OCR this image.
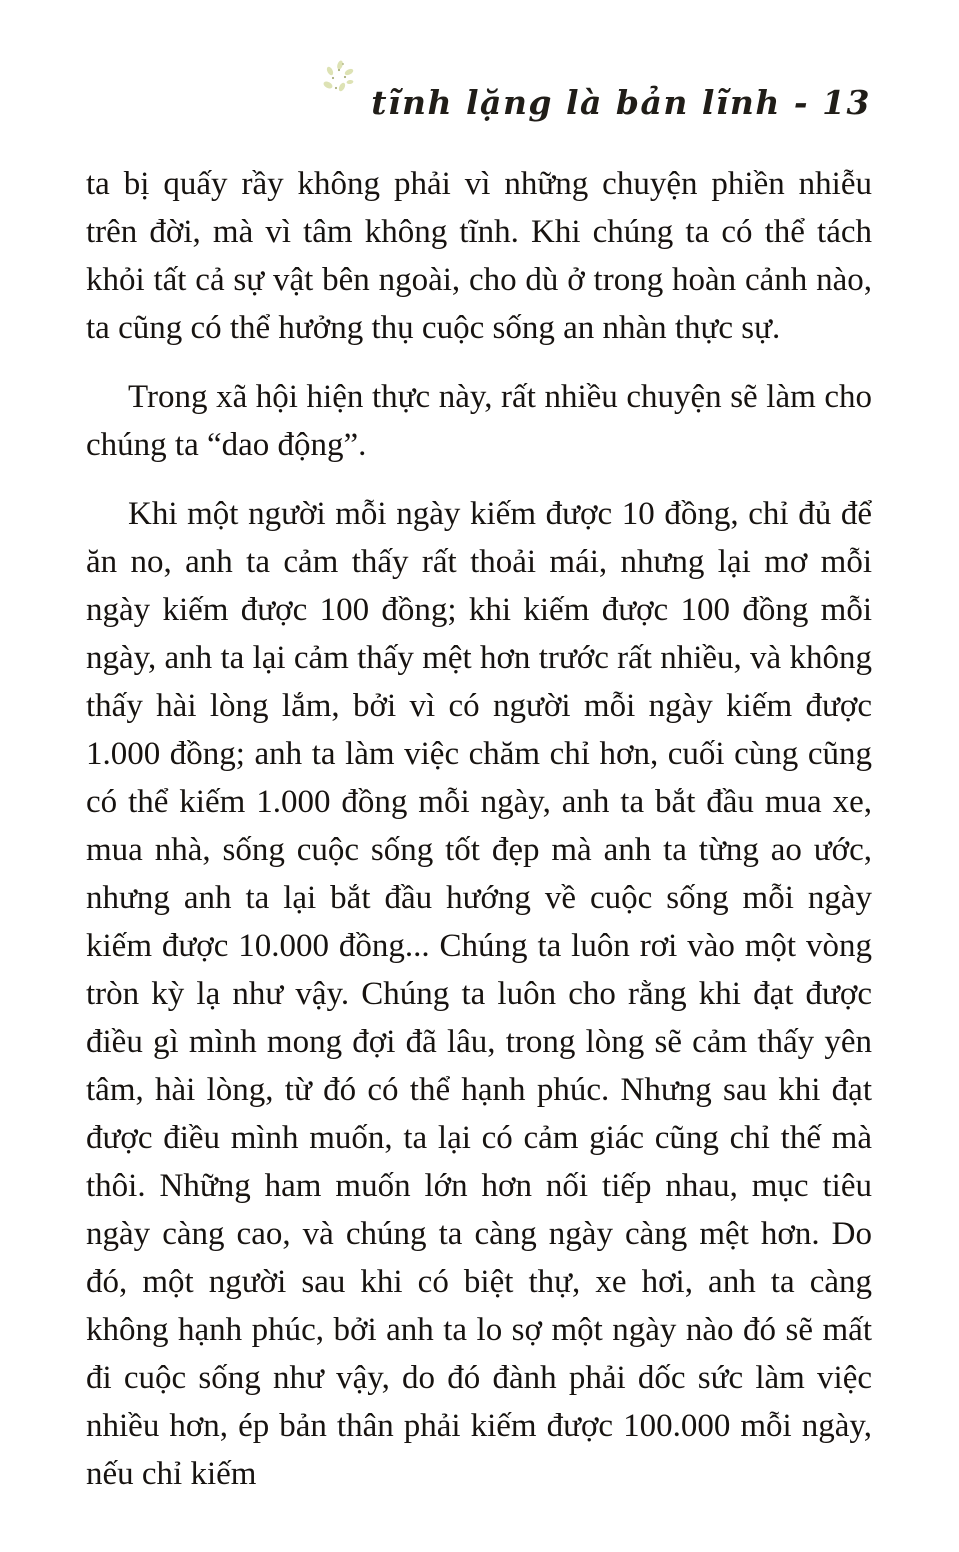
tĩnh lặng là bản lĩnh - 13

ta bị quấy rầy không phải vì những chuyện phiền nhiễu trên đời, mà vì tâm không tĩnh. Khi chúng ta có thể tách khỏi tất cả sự vật bên ngoài, cho dù ở trong hoàn cảnh nào, ta cũng có thể hưởng thụ cuộc sống an nhàn thực sự.

Trong xã hội hiện thực này, rất nhiều chuyện sẽ làm cho chúng ta “dao động”.

Khi một người mỗi ngày kiếm được 10 đồng, chỉ đủ để ăn no, anh ta cảm thấy rất thoải mái, nhưng lại mơ mỗi ngày kiếm được 100 đồng; khi kiếm được 100 đồng mỗi ngày, anh ta lại cảm thấy mệt hơn trước rất nhiều, và không thấy hài lòng lắm, bởi vì có người mỗi ngày kiếm được 1.000 đồng; anh ta làm việc chăm chỉ hơn, cuối cùng cũng có thể kiếm 1.000 đồng mỗi ngày, anh ta bắt đầu mua xe, mua nhà, sống cuộc sống tốt đẹp mà anh ta từng ao ước, nhưng anh ta lại bắt đầu hướng về cuộc sống mỗi ngày kiếm được 10.000 đồng... Chúng ta luôn rơi vào một vòng tròn kỳ lạ như vậy. Chúng ta luôn cho rằng khi đạt được điều gì mình mong đợi đã lâu, trong lòng sẽ cảm thấy yên tâm, hài lòng, từ đó có thể hạnh phúc. Nhưng sau khi đạt được điều mình muốn, ta lại có cảm giác cũng chỉ thế mà thôi. Những ham muốn lớn hơn nối tiếp nhau, mục tiêu ngày càng cao, và chúng ta càng ngày càng mệt hơn. Do đó, một người sau khi có biệt thự, xe hơi, anh ta càng không hạnh phúc, bởi anh ta lo sợ một ngày nào đó sẽ mất đi cuộc sống như vậy, do đó đành phải dốc sức làm việc nhiều hơn, ép bản thân phải kiếm được 100.000 mỗi ngày, nếu chỉ kiếm
